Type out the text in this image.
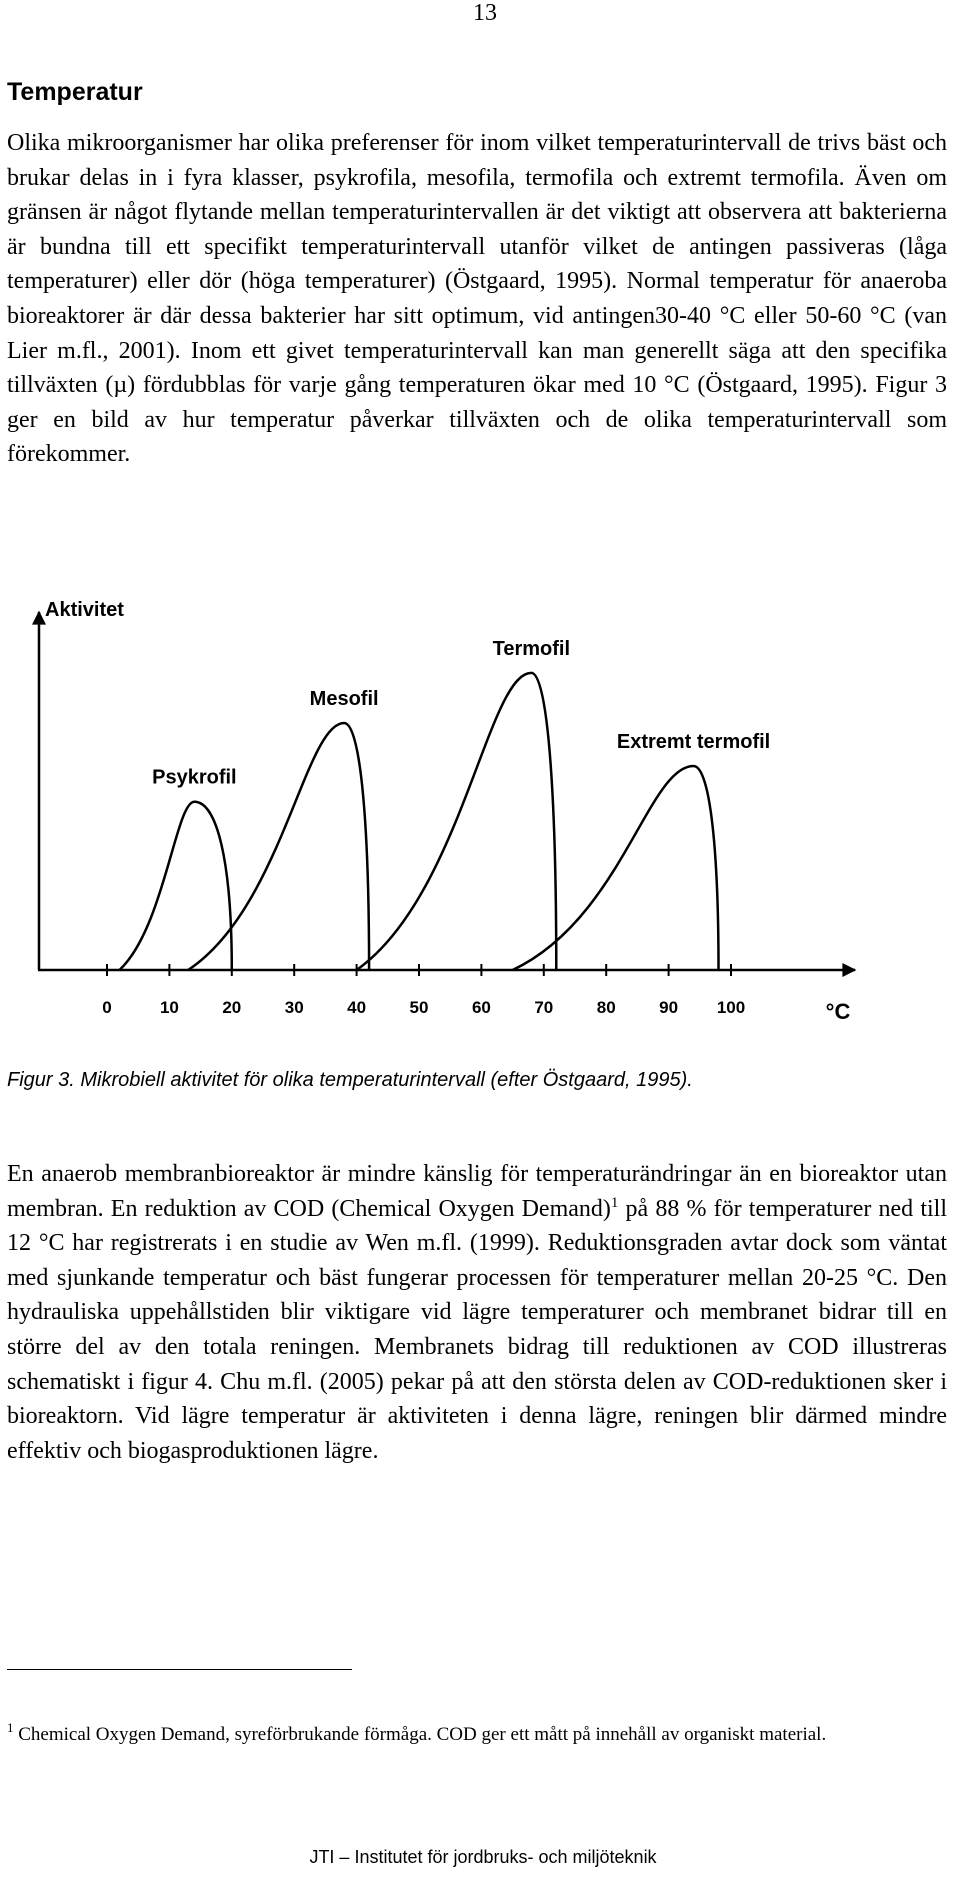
13
Temperatur

Olika mikroorganismer har olika preferenser för inom vilket temperaturintervall de trivs bäst och brukar delas in i fyra klasser, psykrofila, mesofila, termofila och extremt termofila. Även om gränsen är något flytande mellan temperaturintervallen är det viktigt att observera att bakterierna är bundna till ett specifikt temperaturintervall utanför vilket de antingen passiveras (låga temperaturer) eller dör (höga temperaturer) (Östgaard, 1995). Normal temperatur för anaeroba bioreaktorer är där dessa bakterier har sitt optimum, vid antingen30-40 °C eller 50-60 °C (van Lier m.fl., 2001). Inom ett givet temperaturintervall kan man generellt säga att den specifika tillväxten (µ) fördubblas för varje gång temperaturen ökar med 10 °C (Östgaard, 1995). Figur 3 ger en bild av hur temperatur påverkar tillväxten och de olika temperaturintervall som förekommer.

Aktivitet
°C
0	10	20	30	40	50	60	70	80	90 100
Psykrofil
Mesofil
Termofil
Extremt termofil
Figur 3. Mikrobiell aktivitet för olika temperaturintervall (efter Östgaard, 1995).

En anaerob membranbioreaktor är mindre känslig för temperaturändringar än en bioreaktor utan membran. En reduktion av COD (Chemical Oxygen Demand)$^1$ på 88 % för temperaturer ned till 12 °C har registrerats i en studie av Wen m.fl. (1999). Reduktionsgraden avtar dock som väntat med sjunkande temperatur och bäst fungerar processen för temperaturer mellan 20-25 °C. Den hydrauliska uppehållstiden blir viktigare vid lägre temperaturer och membranet bidrar till en större del av den totala reningen. Membranets bidrag till reduktionen av COD illustreras schematiskt i figur 4. Chu m.fl. (2005) pekar på att den största delen av COD-reduktionen sker i bioreaktorn. Vid lägre temperatur är aktiviteten i denna lägre, reningen blir därmed mindre effektiv och biogasproduktionen lägre.

$^1$ Chemical Oxygen Demand, syreförbrukande förmåga. COD ger ett mått på innehåll av organiskt material.

JTI – Institutet för jordbruks- och miljöteknik
